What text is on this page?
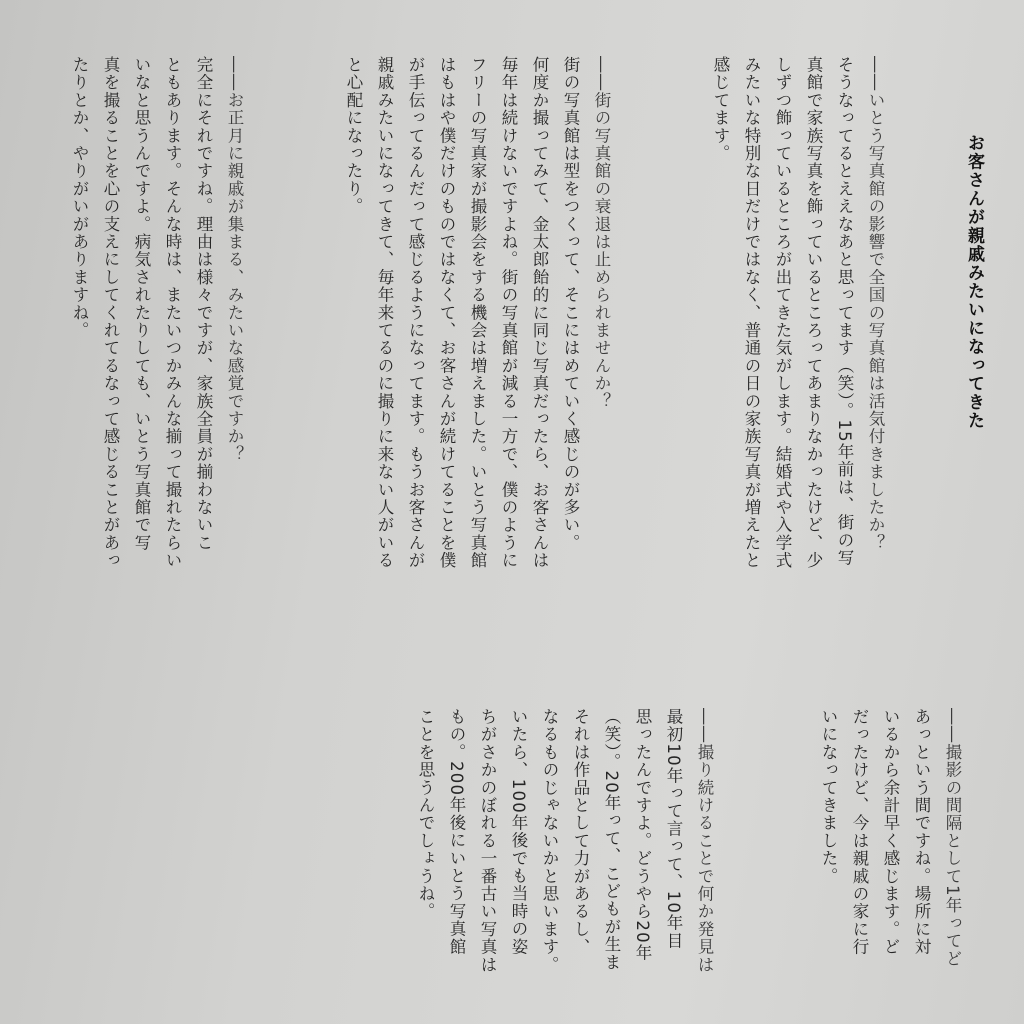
お客さんが親戚みたいになってきた
――いとう写真館の影響で全国の写真館は活気付きましたか？
そうなってるとええなあと思ってます（笑）。15年前は、街の写
真館で家族写真を飾っているところってあまりなかったけど、少
しずつ飾っているところが出てきた気がします。結婚式や入学式
みたいな特別な日だけではなく、普通の日の家族写真が増えたと
感じてます。
――街の写真館の衰退は止められませんか？
街の写真館は型をつくって、そこにはめていく感じのが多い。
何度か撮ってみて、金太郎飴的に同じ写真だったら、お客さんは
毎年は続けないですよね。街の写真館が減る一方で、僕のように
フリーの写真家が撮影会をする機会は増えました。いとう写真館
はもはや僕だけのものではなくて、お客さんが続けてることを僕
が手伝ってるんだって感じるようになってます。もうお客さんが
親戚みたいになってきて、毎年来てるのに撮りに来ない人がいる
と心配になったり。
――お正月に親戚が集まる、みたいな感覚ですか？
完全にそれですね。理由は様々ですが、家族全員が揃わないこ
ともあります。そんな時は、またいつかみんな揃って撮れたらい
いなと思うんですよ。病気されたりしても、いとう写真館で写
真を撮ることを心の支えにしてくれてるなって感じることがあっ
たりとか、やりがいがありますね。
――撮影の間隔として1年ってど
あっという間ですね。場所に対
いるから余計早く感じます。ど
だったけど、今は親戚の家に行
いになってきました。
――撮り続けることで何か発見は
最初10年って言って、10年目
思ったんですよ。どうやら20年
（笑）。20年って、こどもが生ま
それは作品として力があるし、
なるものじゃないかと思います。
いたら、100年後でも当時の姿
ちがさかのぼれる一番古い写真は
もの。200年後にいとう写真館
ことを思うんでしょうね。
